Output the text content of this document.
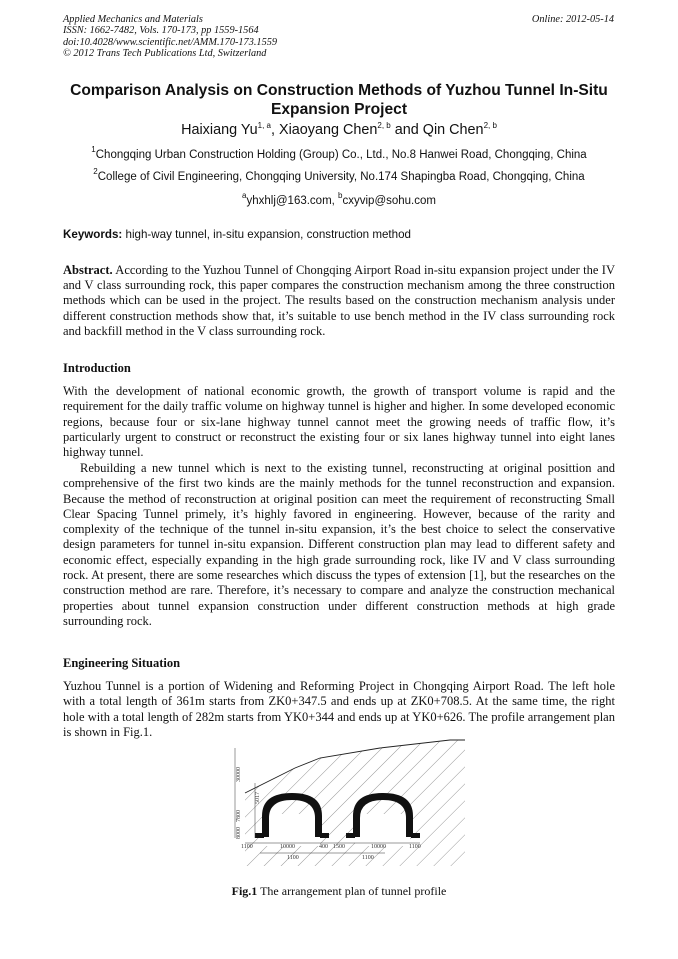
Applied Mechanics and Materials
ISSN: 1662-7482, Vols. 170-173, pp 1559-1564
doi:10.4028/www.scientific.net/AMM.170-173.1559
© 2012 Trans Tech Publications Ltd, Switzerland
Online: 2012-05-14
Comparison Analysis on Construction Methods of Yuzhou Tunnel In-Situ Expansion Project
Haixiang Yu$^{1, a}$, Xiaoyang Chen$^{2, b}$ and Qin Chen$^{2, b}$
$^1$Chongqing Urban Construction Holding (Group) Co., Ltd., No.8 Hanwei Road, Chongqing, China
$^2$College of Civil Engineering, Chongqing University, No.174 Shapingba Road, Chongqing, China
$^a$yhxhlj@163.com, $^b$cxyvip@sohu.com
Keywords: high-way tunnel, in-situ expansion, construction method
Abstract. According to the Yuzhou Tunnel of Chongqing Airport Road in-situ expansion project under the IV and V class surrounding rock, this paper compares the construction mechanism among the three construction methods which can be used in the project. The results based on the construction mechanism analysis under different construction methods show that, it’s suitable to use bench method in the IV class surrounding rock and backfill method in the V class surrounding rock.
Introduction

With the development of national economic growth, the growth of transport volume is rapid and the requirement for the daily traffic volume on highway tunnel is higher and higher. In some developed economic regions, because four or six-lane highway tunnel cannot meet the growing needs of traffic flow, it’s particularly urgent to construct or reconstruct the existing four or six lanes highway tunnel into eight lanes highway tunnel.

Rebuilding a new tunnel which is next to the existing tunnel, reconstructing at original posittion and comprehensive of the first two kinds are the mainly methods for the tunnel reconstruction and expansion. Because the method of reconstruction at original position can meet the requirement of reconstructing Small Clear Spacing Tunnel primely, it’s highly favored in engineering. However, because of the rarity and complexity of the technique of the tunnel in-situ expansion, it’s the best choice to select the conservative design parameters for tunnel in-situ expansion. Different construction plan may lead to different safety and economic effect, especially expanding in the high grade surrounding rock, like IV and V class surrounding rock. At present, there are some researches which discuss the types of extension [1], but the researches on the construction method are rare. Therefore, it’s necessary to compare and analyze the construction mechanical properties about tunnel expansion construction under different construction methods at high grade surrounding rock.

Engineering Situation

Yuzhou Tunnel is a portion of Widening and Reforming Project in Chongqing Airport Road. The left hole with a total length of 361m starts from ZK0+347.5 and ends up at ZK0+708.5. At the same time, the right hole with a total length of 282m starts from YK0+344 and ends up at YK0+626. The profile arrangement plan is shown in Fig.1.

1100	10000	400 1500	10000	1100
1100	1100
30000
5017
7800
8000
Fig.1 The arrangement plan of tunnel profile
